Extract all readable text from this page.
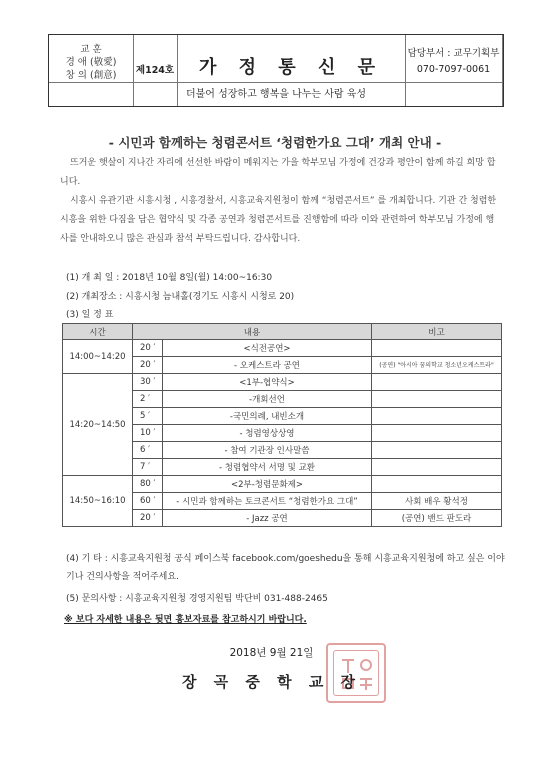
교 훈
경 애 (敬愛)
창 의 (創意)	제124호	가 정 통 신 문
담당부서 : 교무기획부
070-7097-0061
더불어 성장하고 행복을 나누는 사람 육성
- 시민과 함께하는 청렴콘서트 ‘청렴한가요 그대’ 개최 안내 -
뜨거운 햇살이 지나간 자리에 선선한 바람이 메워지는 가을 학부모님 가정에 건강과 평안이 함께 하길 희망 합니다.
시흥시 유관기관 시흥시청 , 시흥경찰서, 시흥교육지원청이 함께 “청렴콘서트” 를 개최합니다. 기관 간 청렴한 시흥을 위한 다짐을 담은 협약식 및 각종 공연과 청렴콘서트를 진행함에 따라 이와 관련하여 학부모님 가정에 행사를 안내하오니 많은 관심과 참석 부탁드립니다. 감사합니다.
(1) 개 최 일 : 2018년 10월 8일(월) 14:00~16:30
(2) 개최장소 : 시흥시청 늠내홀(경기도 시흥시 시청로 20)
(3) 일 정 표
시간	내용		비고
14:00~14:20	20 ′	<식전공연>	
	20 ′	- 오케스트라 공연	(공연) "아시아 꿈의학교 청소년오케스트라"
14:20~14:50	30 ′	<1부-협약식>	
	2 ′	-개회선언	
	5 ′	-국민의례, 내빈소개	
	10 ′	- 청렴영상상영	
	6 ′	- 참여 기관장 인사말씀	
	7 ′	- 청렴협약서 서명 및 교환	
14:50~16:10	80 ′	<2부-청렴문화제>	
	60 ′	- 시민과 함께하는 토크콘서트 “청렴한가요 그대”	사회 배우 황석정
	20 ′	- Jazz 공연	(공연) 밴드 판도라
(4) 기 타 : 시흥교육지원청 공식 페이스북 facebook.com/goeshedu을 통해 시흥교육지원청에 하고 싶은 이야기나 건의사항을 적어주세요.
(5) 문의사항 : 시흥교육지원청 경영지원팀 박단비 031-488-2465
※ 보다 자세한 내용은 뒷면 홍보자료를 참고하시기 바랍니다.
2018년 9월 21일
장 곡 중 학 교 장
